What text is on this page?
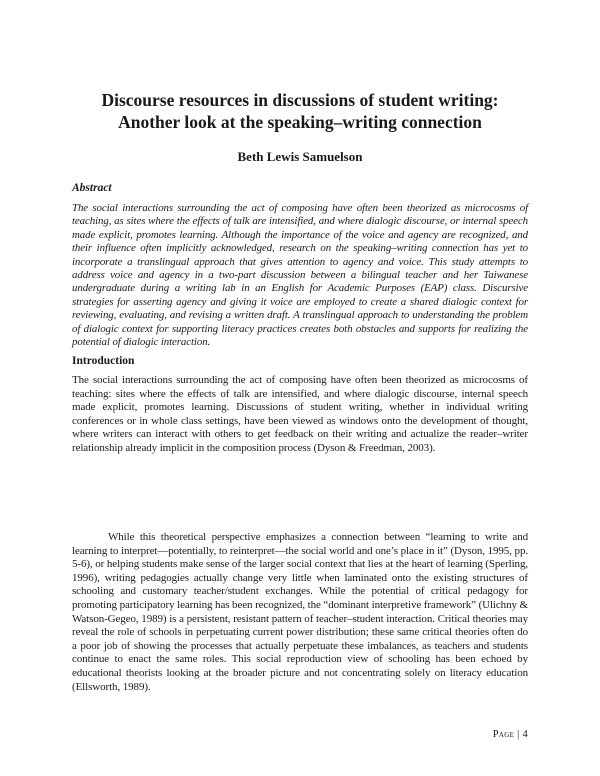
Discourse resources in discussions of student writing:
Another look at the speaking–writing connection
Beth Lewis Samuelson
Abstract
The social interactions surrounding the act of composing have often been theorized as microcosms of teaching, as sites where the effects of talk are intensified, and where dialogic discourse, or internal speech made explicit, promotes learning. Although the importance of the voice and agency are recognized, and their influence often implicitly acknowledged, research on the speaking–writing connection has yet to incorporate a translingual approach that gives attention to agency and voice. This study attempts to address voice and agency in a two-part discussion between a bilingual teacher and her Taiwanese undergraduate during a writing lab in an English for Academic Purposes (EAP) class. Discursive strategies for asserting agency and giving it voice are employed to create a shared dialogic context for reviewing, evaluating, and revising a written draft. A translingual approach to understanding the problem of dialogic context for supporting literacy practices creates both obstacles and supports for realizing the potential of dialogic interaction.
Introduction
The social interactions surrounding the act of composing have often been theorized as microcosms of teaching: sites where the effects of talk are intensified, and where dialogic discourse, internal speech made explicit, promotes learning. Discussions of student writing, whether in individual writing conferences or in whole class settings, have been viewed as windows onto the development of thought, where writers can interact with others to get feedback on their writing and actualize the reader–writer relationship already implicit in the composition process (Dyson & Freedman, 2003).
While this theoretical perspective emphasizes a connection between “learning to write and learning to interpret—potentially, to reinterpret—the social world and one’s place in it” (Dyson, 1995, pp. 5-6), or helping students make sense of the larger social context that lies at the heart of learning (Sperling, 1996), writing pedagogies actually change very little when laminated onto the existing structures of schooling and customary teacher/student exchanges. While the potential of critical pedagogy for promoting participatory learning has been recognized, the “dominant interpretive framework” (Ulichny & Watson-Gegeo, 1989) is a persistent, resistant pattern of teacher–student interaction. Critical theories may reveal the role of schools in perpetuating current power distribution; these same critical theories often do a poor job of showing the processes that actually perpetuate these imbalances, as teachers and students continue to enact the same roles. This social reproduction view of schooling has been echoed by educational theorists looking at the broader picture and not concentrating solely on literacy education (Ellsworth, 1989).
Page | 4
